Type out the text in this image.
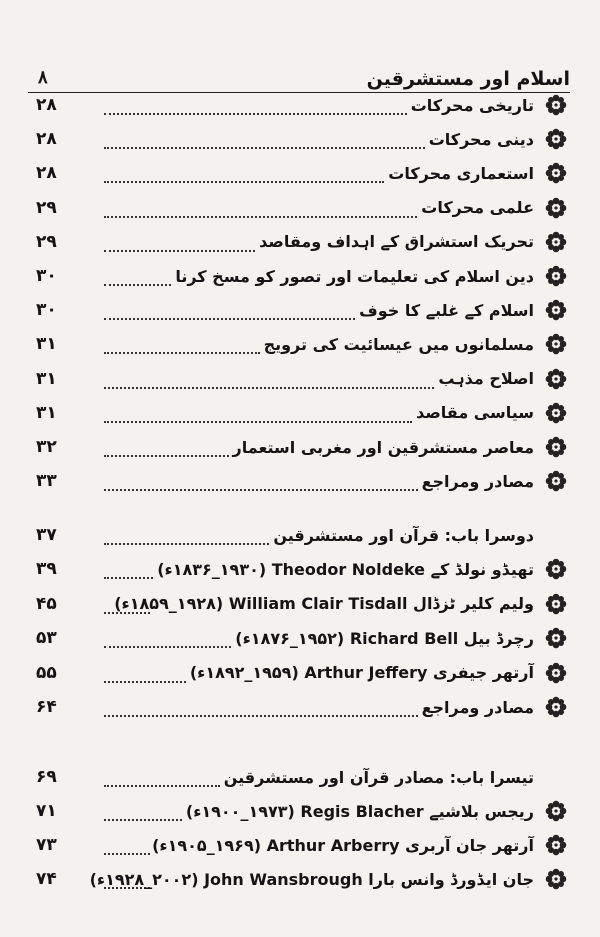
۸	اسلام اور مستشرقین
۲۸	تاریخی محرکات
۲۸	دینی محرکات
۲۸	استعماری محرکات
۲۹	علمی محرکات
۲۹	تحریک استشراق کے اہداف ومقاصد
۳۰	دین اسلام کی تعلیمات اور تصور کو مسخ کرنا
۳۰	اسلام کے غلبے کا خوف
۳۱	مسلمانوں میں عیسائیت کی ترویج
۳۱	اصلاح مذہب
۳۱	سیاسی مقاصد
۳۲	معاصر مستشرقین اور مغربی استعمار
۳۳	مصادر ومراجع
۳۷	دوسرا باب: قرآن اور مستشرقین
۳۹	تھیڈو نولڈ کے Theodor Noldeke (۱۸۳۶_۱۹۳۰ء)
۴۵	ولیم کلیر ٹزڈال William Clair Tisdall (۱۸۵۹_۱۹۲۸ء)
۵۳	رچرڈ بیل Richard Bell (۱۸۷۶_۱۹۵۲ء)
۵۵	آرتھر جیفری Arthur Jeffery (۱۸۹۲_۱۹۵۹ء)
۶۴	مصادر ومراجع
۶۹	تیسرا باب: مصادر قرآن اور مستشرقین
۷۱	ریجس بلاشیے Regis Blacher (۱۹۰۰_۱۹۷۳ء)
۷۳	آرتھر جان آربری Arthur Arberry (۱۹۰۵_۱۹۶۹ء)
۷۴	جان ایڈورڈ وانس بارا John Wansbrough (۱۹۲۸_۲۰۰۲ء)
